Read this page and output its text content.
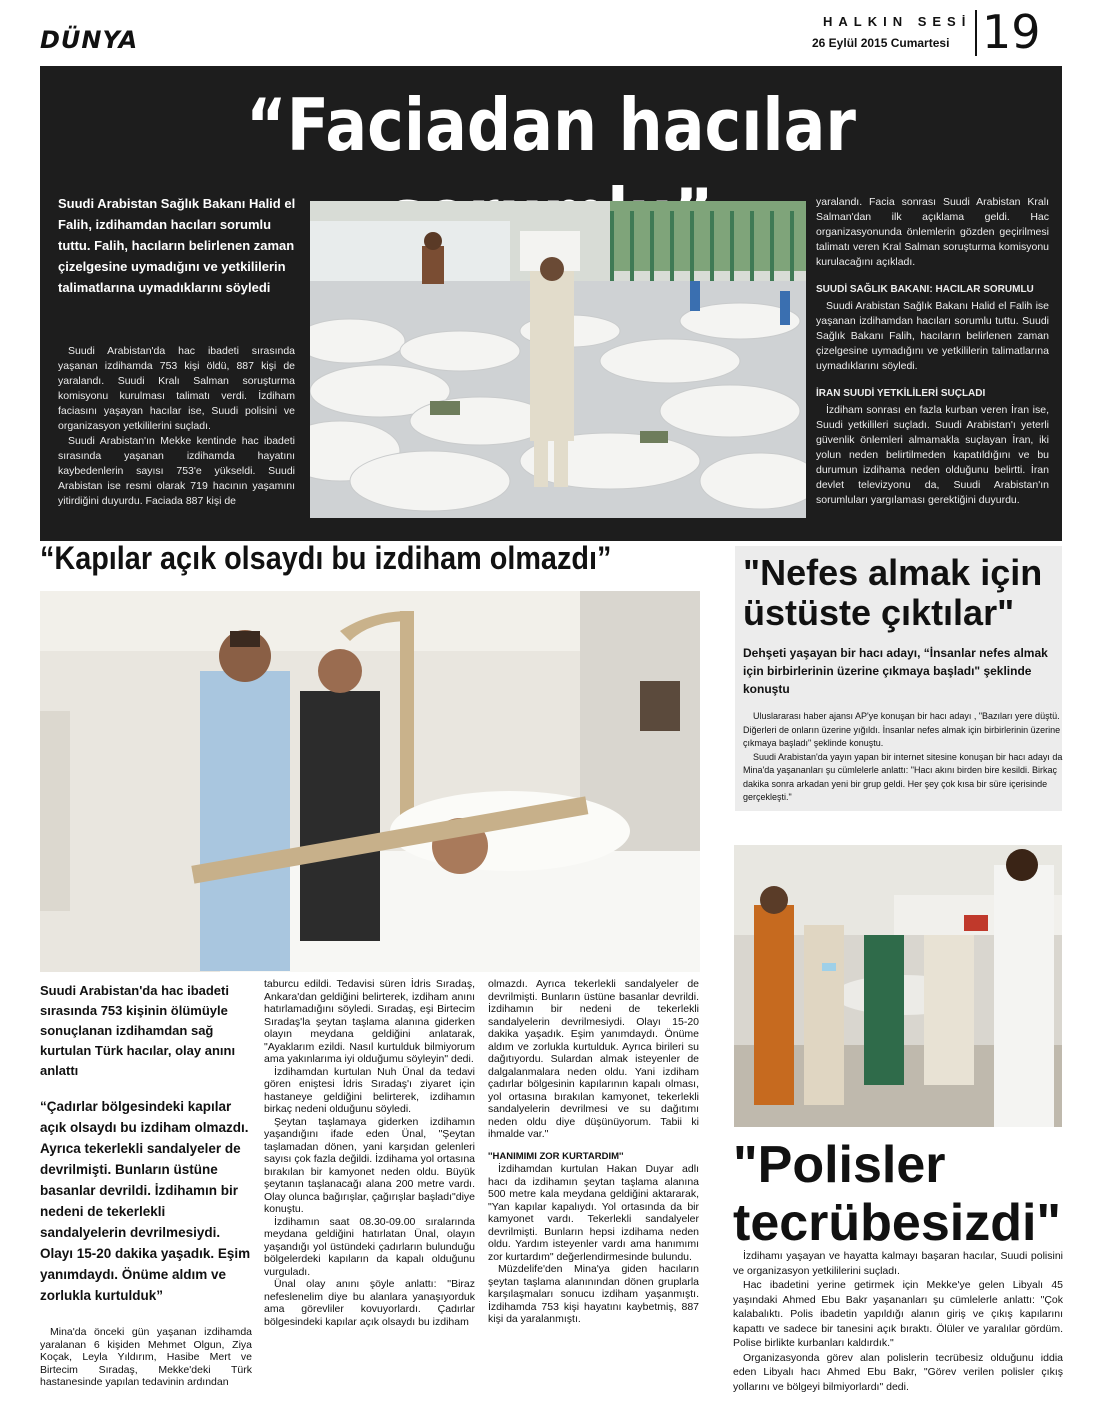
DÜNYA
HALKIN SESİ
26 Eylül 2015 Cumartesi 19
“Faciadan hacılar
Suudi Arabistan Sağlık Bakanı Halid el Falih, izdihamdan hacıları sorumlu tuttu. Falih, hacıların belirlenen zaman çizelgesine uymadığını ve yetkililerin talimatlarına uymadıklarını söyledi

Suudi Arabistan'da hac ibadeti sırasında yaşanan izdihamda 753 kişi öldü, 887 kişi de yaralandı. Suudi Kralı Salman soruşturma komisyonu kurulması talimatı verdi. İzdiham faciasını yaşayan hacılar ise, Suudi polisini ve organizasyon yetkililerini suçladı.

Suudi Arabistan'ın Mekke kentinde hac ibadeti sırasında yaşanan izdihamda hayatını kaybedenlerin sayısı 753'e yükseldi. Suudi Arabistan ise resmi olarak 719 hacının yaşamını yitirdiğini duyurdu. Faciada 887 kişi de

yaralandı. Facia sonrası Suudi Arabistan Kralı Salman'dan ilk açıklama geldi. Hac organizasyonunda önlemlerin gözden geçirilmesi talimatı veren Kral Salman soruşturma komisyonu kurulacağını açıkladı.

SUUDİ SAĞLIK BAKANI: HACILAR SORUMLU

Suudi Arabistan Sağlık Bakanı Halid el Falih ise yaşanan izdihamdan hacıları sorumlu tuttu. Suudi Sağlık Bakanı Falih, hacıların belirlenen zaman çizelgesine uymadığını ve yetkililerin talimatlarına uymadıklarını söyledi.

İRAN SUUDİ YETKİLİLERİ SUÇLADI

İzdiham sonrası en fazla kurban veren İran ise, Suudi yetkilileri suçladı. Suudi Arabistan'ı yeterli güvenlik önlemleri almamakla suçlayan İran, iki yolun neden belirtilmeden kapatıldığını ve bu durumun izdihama neden olduğunu belirtti. İran devlet televizyonu da, Suudi Arabistan'ın sorumluları yargılaması gerektiğini duyurdu.

“Kapılar açık olsaydı bu izdiham olmazdı”
Suudi Arabistan'da hac ibadeti sırasında 753 kişinin ölümüyle sonuçlanan izdihamdan sağ kurtulan Türk hacılar, olay anını anlattı
“Çadırlar bölgesindeki kapılar açık olsaydı bu izdiham olmazdı. Ayrıca tekerlekli sandalyeler de devrilmişti. Bunların üstüne basanlar devrildi. İzdihamın bir nedeni de tekerlekli sandalyelerin devrilmesiydi. Olayı 15-20 dakika yaşadık. Eşim yanımdaydı. Önüme aldım ve zorlukla kurtulduk”

Mina'da önceki gün yaşanan izdihamda yaralanan 6 kişiden Mehmet Olgun, Ziya Koçak, Leyla Yıldırım, Hasibe Mert ve Birtecim Sıradaş, Mekke'deki Türk hastanesinde yapılan tedavinin ardından

taburcu edildi. Tedavisi süren İdris Sıradaş, Ankara'dan geldiğini belirterek, izdiham anını hatırlamadığını söyledi. Sıradaş, eşi Birtecim Sıradaş'la şeytan taşlama alanına giderken olayın meydana geldiğini anlatarak, "Ayaklarım ezildi. Nasıl kurtulduk bilmiyorum ama yakınlarıma iyi olduğumu söyleyin" dedi.

İzdihamdan kurtulan Nuh Ünal da tedavi gören eniştesi İdris Sıradaş'ı ziyaret için hastaneye geldiğini belirterek, izdihamın birkaç nedeni olduğunu söyledi.

Şeytan taşlamaya giderken izdihamın yaşandığını ifade eden Ünal, "Şeytan taşlamadan dönen, yani karşıdan gelenleri sayısı çok fazla değildi. İzdihama yol ortasına bırakılan bir kamyonet neden oldu. Büyük şeytanın taşlanacağı alana 200 metre vardı. Olay olunca bağırışlar, çağırışlar başladı"diye konuştu.

İzdihamın saat 08.30-09.00 sıralarında meydana geldiğini hatırlatan Ünal, olayın yaşandığı yol üstündeki çadırların bulunduğu bölgelerdeki kapıların da kapalı olduğunu vurguladı.

Ünal olay anını şöyle anlattı: ''Biraz nefeslenelim diye bu alanlara yanaşıyorduk ama görevliler kovuyorlardı. Çadırlar bölgesindeki kapılar açık olsaydı bu izdiham

olmazdı. Ayrıca tekerlekli sandalyeler de devrilmişti. Bunların üstüne basanlar devrildi. İzdihamın bir nedeni de tekerlekli sandalyelerin devrilmesiydi. Olayı 15-20 dakika yaşadık. Eşim yanımdaydı. Önüme aldım ve zorlukla kurtulduk. Ayrıca birileri su dağıtıyordu. Sulardan almak isteyenler de dalgalanmalara neden oldu. Yani izdiham çadırlar bölgesinin kapılarının kapalı olması, yol ortasına bırakılan kamyonet, tekerlekli sandalyelerin devrilmesi ve su dağıtımı neden oldu diye düşünüyorum. Tabii ki ihmalde var."

''HANIMIMI ZOR KURTARDIM''

İzdihamdan kurtulan Hakan Duyar adlı hacı da izdihamın şeytan taşlama alanına 500 metre kala meydana geldiğini aktararak, "Yan kapılar kapalıydı. Yol ortasında da bir kamyonet vardı. Tekerlekli sandalyeler devrilmişti. Bunların hepsi izdihama neden oldu. Yardım isteyenler vardı ama hanımımı zor kurtardım" değerlendirmesinde bulundu.

Müzdelife'den Mina'ya giden hacıların şeytan taşlama alanınından dönen gruplarla karşılaşmaları sonucu izdiham yaşanmıştı. İzdihamda 753 kişi hayatını kaybetmiş, 887 kişi da yaralanmıştı.

"Nefes almak için
üstüste çıktılar"
Dehşeti yaşayan bir hacı adayı, “İnsanlar nefes almak için birbirlerinin üzerine çıkmaya başladı" şeklinde konuştu

Uluslararası haber ajansı AP'ye konuşan bir hacı adayı , "Bazıları yere düştü. Diğerleri de onların üzerine yığıldı. İnsanlar nefes almak için birbirlerinin üzerine çıkmaya başladı" şeklinde konuştu.

Suudi Arabistan'da yayın yapan bir internet sitesine konuşan bir hacı adayı da Mina'da yaşananları şu cümlelerle anlattı: "Hacı akını birden bire kesildi. Birkaç dakika sonra arkadan yeni bir grup geldi. Her şey çok kısa bir süre içerisinde gerçekleşti."

"Polisler
tecrübesizdi"

İzdihamı yaşayan ve hayatta kalmayı başaran hacılar, Suudi polisini ve organizasyon yetkililerini suçladı.

Hac ibadetini yerine getirmek için Mekke'ye gelen Libyalı 45 yaşındaki Ahmed Ebu Bakr yaşananları şu cümlelerle anlattı: "Çok kalabalıktı. Polis ibadetin yapıldığı alanın giriş ve çıkış kapılarını kapattı ve sadece bir tanesini açık bıraktı. Ölüler ve yaralılar gördüm. Polise birlikte kurbanları kaldırdık."

Organizasyonda görev alan polislerin tecrübesiz olduğunu iddia eden Libyalı hacı Ahmed Ebu Bakr, "Görev verilen polisler çıkış yollarını ve bölgeyi bilmiyorlardı" dedi.
